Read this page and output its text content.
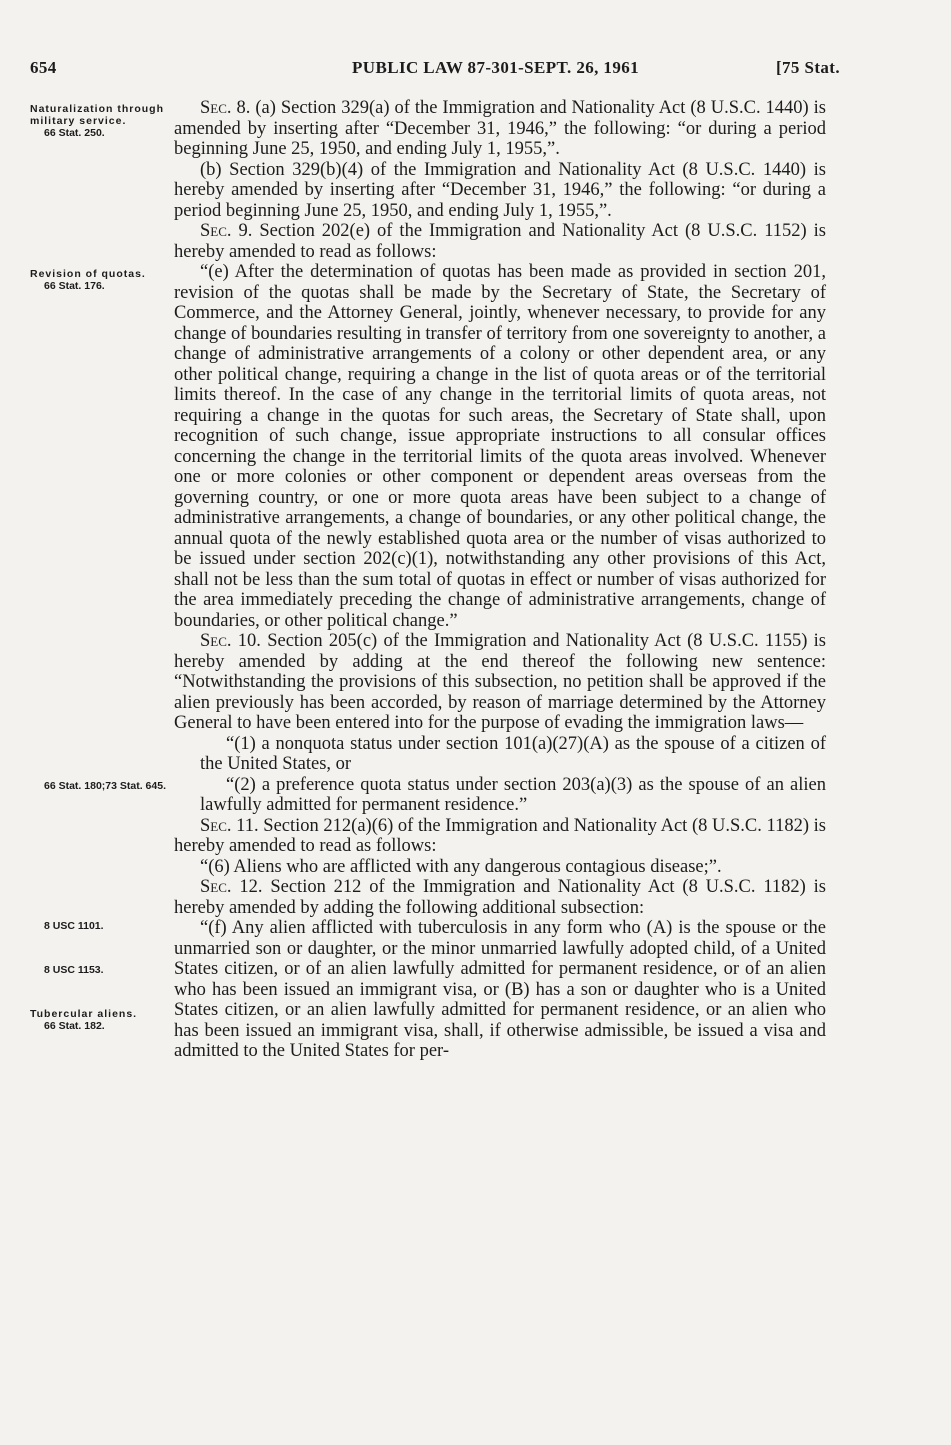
654	PUBLIC LAW 87-301-SEPT. 26, 1961	[75 Stat.
Naturalization through military service.
66 Stat. 250.
Revision of quotas.
66 Stat. 176.
66 Stat. 180;73 Stat. 645.
8 USC 1101.
8 USC 1153.
Tubercular aliens.
66 Stat. 182.

Sec. 8. (a) Section 329(a) of the Immigration and Nationality Act (8 U.S.C. 1440) is amended by inserting after “December 31, 1946,” the following: “or during a period beginning June 25, 1950, and ending July 1, 1955,”.

(b) Section 329(b)(4) of the Immigration and Nationality Act (8 U.S.C. 1440) is hereby amended by inserting after “December 31, 1946,” the following: “or during a period beginning June 25, 1950, and ending July 1, 1955,”.

Sec. 9. Section 202(e) of the Immigration and Nationality Act (8 U.S.C. 1152) is hereby amended to read as follows:

“(e) After the determination of quotas has been made as provided in section 201, revision of the quotas shall be made by the Secretary of State, the Secretary of Commerce, and the Attorney General, jointly, whenever necessary, to provide for any change of boundaries resulting in transfer of territory from one sovereignty to another, a change of administrative arrangements of a colony or other dependent area, or any other political change, requiring a change in the list of quota areas or of the territorial limits thereof. In the case of any change in the territorial limits of quota areas, not requiring a change in the quotas for such areas, the Secretary of State shall, upon recognition of such change, issue appropriate instructions to all consular offices concerning the change in the territorial limits of the quota areas involved. Whenever one or more colonies or other component or dependent areas overseas from the governing country, or one or more quota areas have been subject to a change of administrative arrangements, a change of boundaries, or any other political change, the annual quota of the newly established quota area or the number of visas authorized to be issued under section 202(c)(1), notwithstanding any other provisions of this Act, shall not be less than the sum total of quotas in effect or number of visas authorized for the area immediately preceding the change of administrative arrangements, change of boundaries, or other political change.”

Sec. 10. Section 205(c) of the Immigration and Nationality Act (8 U.S.C. 1155) is hereby amended by adding at the end thereof the following new sentence: “Notwithstanding the provisions of this subsection, no petition shall be approved if the alien previously has been accorded, by reason of marriage determined by the Attorney General to have been entered into for the purpose of evading the immigration laws—

“(1) a nonquota status under section 101(a)(27)(A) as the spouse of a citizen of the United States, or

“(2) a preference quota status under section 203(a)(3) as the spouse of an alien lawfully admitted for permanent residence.”

Sec. 11. Section 212(a)(6) of the Immigration and Nationality Act (8 U.S.C. 1182) is hereby amended to read as follows:

“(6) Aliens who are afflicted with any dangerous contagious disease;”.

Sec. 12. Section 212 of the Immigration and Nationality Act (8 U.S.C. 1182) is hereby amended by adding the following additional subsection:

“(f) Any alien afflicted with tuberculosis in any form who (A) is the spouse or the unmarried son or daughter, or the minor unmarried lawfully adopted child, of a United States citizen, or of an alien lawfully admitted for permanent residence, or of an alien who has been issued an immigrant visa, or (B) has a son or daughter who is a United States citizen, or an alien lawfully admitted for permanent residence, or an alien who has been issued an immigrant visa, shall, if otherwise admissible, be issued a visa and admitted to the United States for per-
